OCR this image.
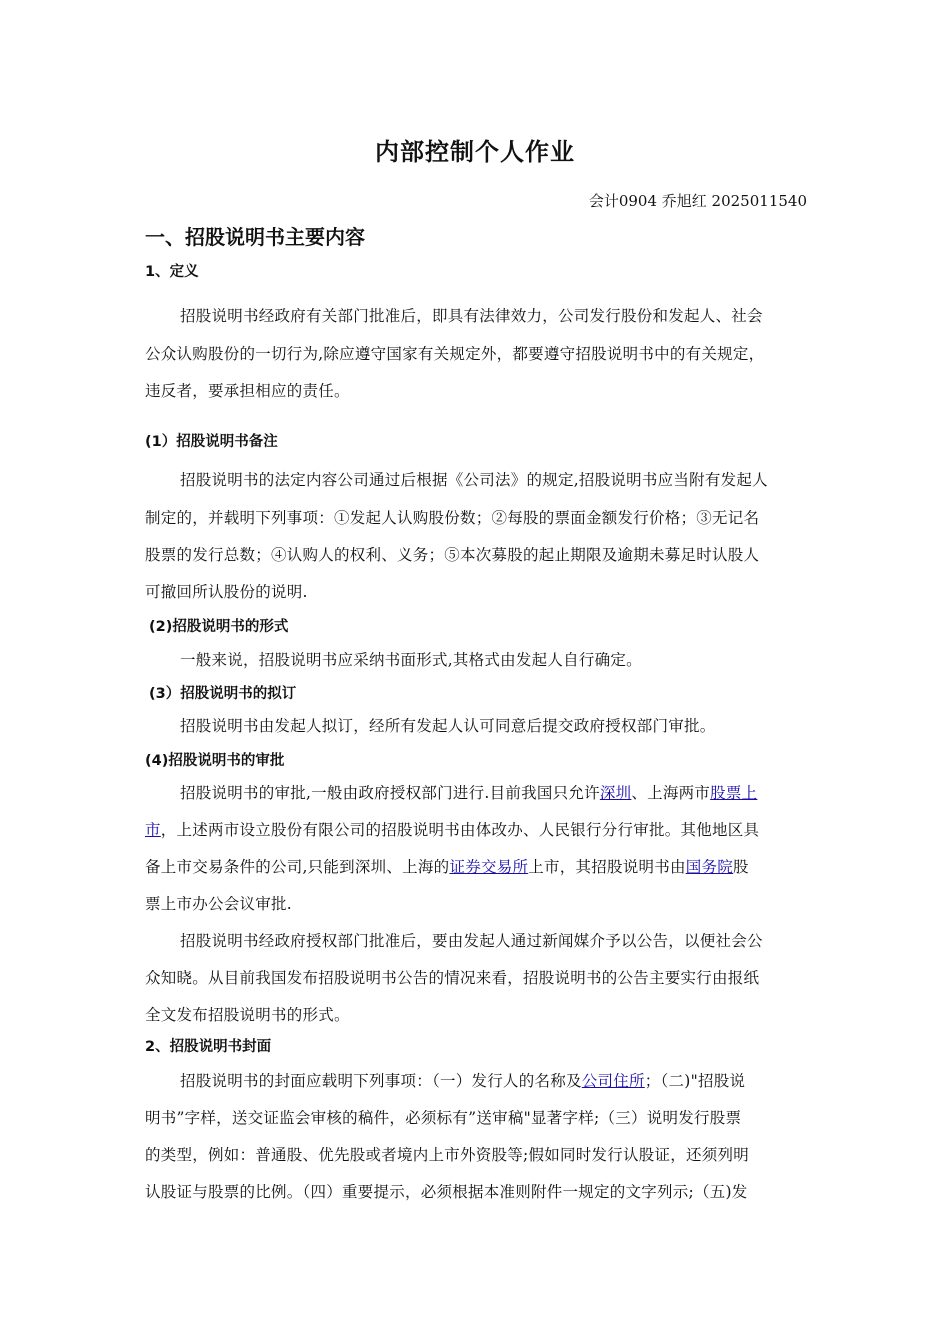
内部控制个人作业
会计0904 乔旭红 2025011540
一、招股说明书主要内容
1、定义
招股说明书经政府有关部门批准后，即具有法律效力，公司发行股份和发起人、社会
公众认购股份的一切行为,除应遵守国家有关规定外，都要遵守招股说明书中的有关规定，
违反者，要承担相应的责任。
(1）招股说明书备注
招股说明书的法定内容公司通过后根据《公司法》的规定,招股说明书应当附有发起人
制定的，并载明下列事项：①发起人认购股份数；②每股的票面金额发行价格；③无记名
股票的发行总数；④认购人的权利、义务；⑤本次募股的起止期限及逾期未募足时认股人
可撤回所认股份的说明.
(2)招股说明书的形式
一般来说，招股说明书应采纳书面形式,其格式由发起人自行确定。
(3）招股说明书的拟订
招股说明书由发起人拟订，经所有发起人认可同意后提交政府授权部门审批。
(4)招股说明书的审批
招股说明书的审批,一般由政府授权部门进行.目前我国只允许深圳、上海两市股票上
市，上述两市设立股份有限公司的招股说明书由体改办、人民银行分行审批。其他地区具
备上市交易条件的公司,只能到深圳、上海的证券交易所上市，其招股说明书由国务院股
票上市办公会议审批.
招股说明书经政府授权部门批准后，要由发起人通过新闻媒介予以公告，以便社会公
众知晓。从目前我国发布招股说明书公告的情况来看，招股说明书的公告主要实行由报纸
全文发布招股说明书的形式。
2、招股说明书封面
招股说明书的封面应载明下列事项：（一）发行人的名称及公司住所；（二)"招股说
明书”字样，送交证监会审核的稿件，必须标有”送审稿"显著字样;（三）说明发行股票
的类型，例如：普通股、优先股或者境内上市外资股等;假如同时发行认股证，还须列明
认股证与股票的比例。（四）重要提示，必须根据本准则附件一规定的文字列示;（五)发
